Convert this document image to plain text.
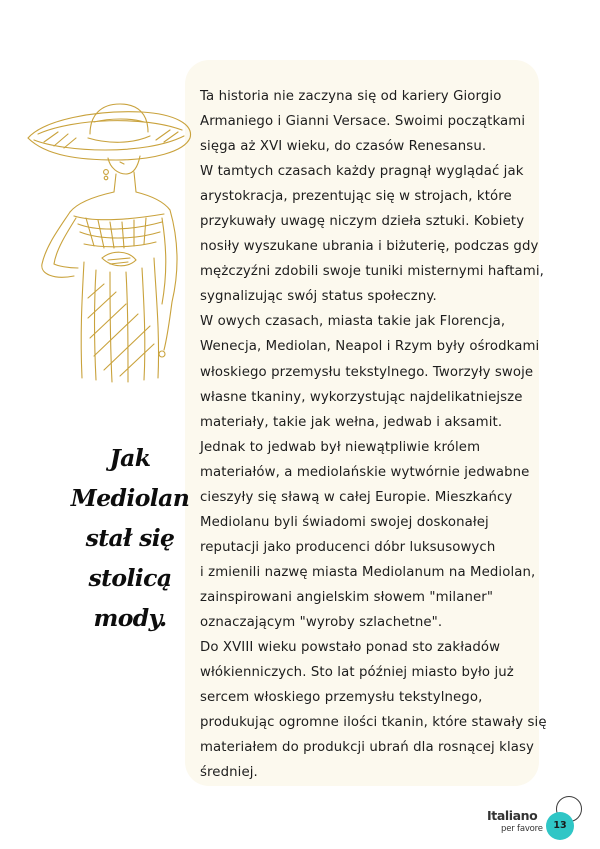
Jak
Mediolan
stał się
stolicą
mody.
Ta historia nie zaczyna się od kariery Giorgio
Armaniego i Gianni Versace. Swoimi początkami
sięga aż XVI wieku, do czasów Renesansu.
W tamtych czasach każdy pragnął wyglądać jak
arystokracja, prezentując się w strojach, które
przykuwały uwagę niczym dzieła sztuki. Kobiety
nosiły wyszukane ubrania i biżuterię, podczas gdy
mężczyźni zdobili swoje tuniki misternymi haftami,
sygnalizując swój status społeczny.
W owych czasach, miasta takie jak Florencja,
Wenecja, Mediolan, Neapol i Rzym były ośrodkami
włoskiego przemysłu tekstylnego. Tworzyły swoje
własne tkaniny, wykorzystując najdelikatniejsze
materiały, takie jak wełna, jedwab i aksamit.
Jednak to jedwab był niewątpliwie królem
materiałów, a mediolańskie wytwórnie jedwabne
cieszyły się sławą w całej Europie. Mieszkańcy
Mediolanu byli świadomi swojej doskonałej
reputacji jako producenci dóbr luksusowych
i zmienili nazwę miasta Mediolanum na Mediolan,
zainspirowani angielskim słowem "milaner"
oznaczającym "wyroby szlachetne".
Do XVIII wieku powstało ponad sto zakładów
włókienniczych. Sto lat później miasto było już
sercem włoskiego przemysłu tekstylnego,
produkując ogromne ilości tkanin, które stawały się
materiałem do produkcji ubrań dla rosnącej klasy
średniej.
Italiano
per favore	13
